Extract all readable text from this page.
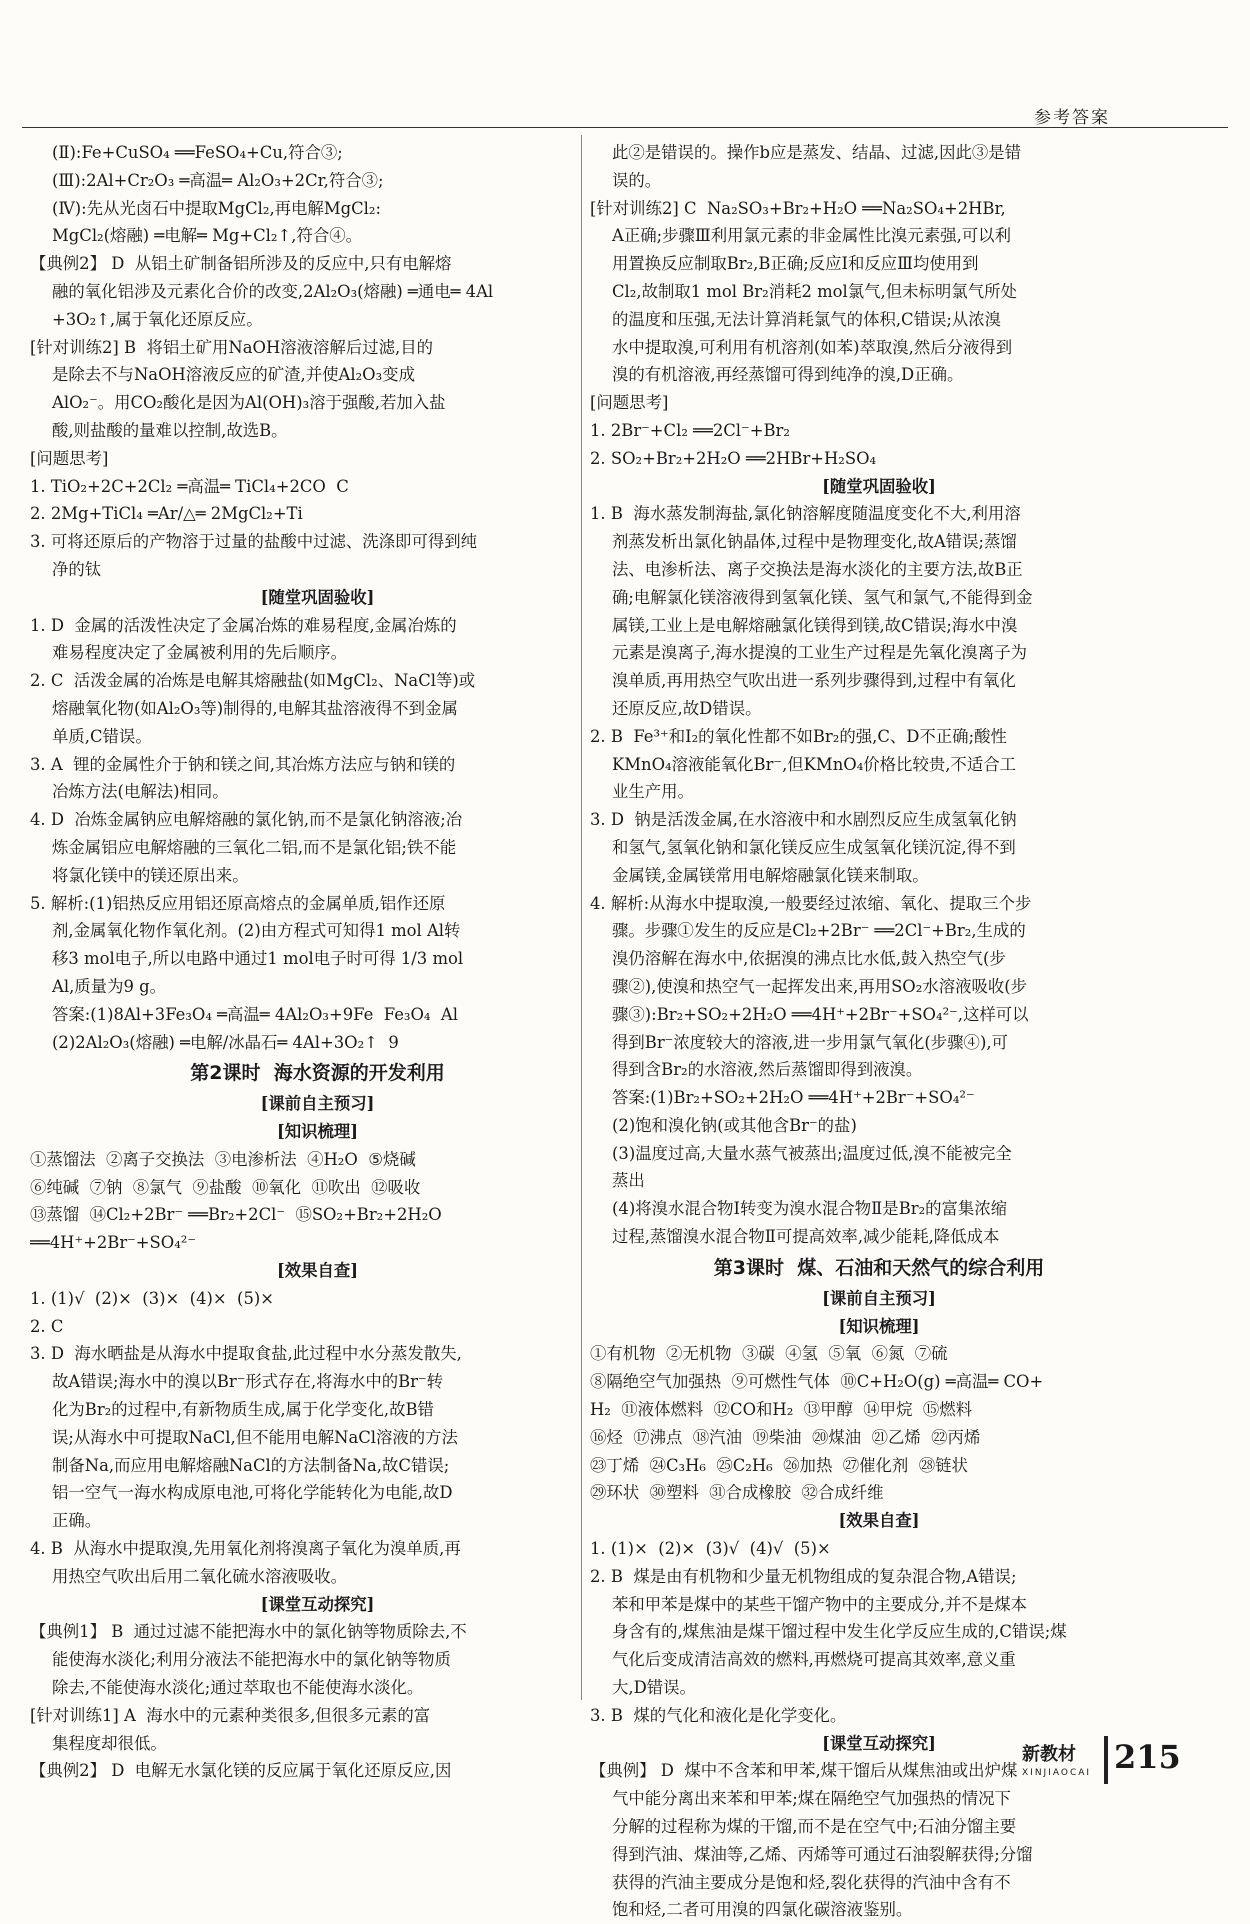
参考答案
(Ⅱ):Fe+CuSO₄ ══FeSO₄+Cu,符合③;
(Ⅲ):2Al+Cr₂O₃ ═高温═ Al₂O₃+2Cr,符合③;
(Ⅳ):先从光卤石中提取MgCl₂,再电解MgCl₂:
MgCl₂(熔融) ═电解═ Mg+Cl₂↑,符合④。
【典例2】 D  从铝土矿制备铝所涉及的反应中,只有电解熔
融的氧化铝涉及元素化合价的改变,2Al₂O₃(熔融) ═通电═ 4Al
+3O₂↑,属于氧化还原反应。
[针对训练2] B  将铝土矿用NaOH溶液溶解后过滤,目的
是除去不与NaOH溶液反应的矿渣,并使Al₂O₃变成
AlO₂⁻。用CO₂酸化是因为Al(OH)₃溶于强酸,若加入盐
酸,则盐酸的量难以控制,故选B。
[问题思考]
1. TiO₂+2C+2Cl₂ ═高温═ TiCl₄+2CO  C
2. 2Mg+TiCl₄ ═Ar/△═ 2MgCl₂+Ti
3. 可将还原后的产物溶于过量的盐酸中过滤、洗涤即可得到纯
净的钛
[随堂巩固验收]
1. D  金属的活泼性决定了金属冶炼的难易程度,金属冶炼的
难易程度决定了金属被利用的先后顺序。
2. C  活泼金属的冶炼是电解其熔融盐(如MgCl₂、NaCl等)或
熔融氧化物(如Al₂O₃等)制得的,电解其盐溶液得不到金属
单质,C错误。
3. A  锂的金属性介于钠和镁之间,其冶炼方法应与钠和镁的
冶炼方法(电解法)相同。
4. D  冶炼金属钠应电解熔融的氯化钠,而不是氯化钠溶液;冶
炼金属铝应电解熔融的三氧化二铝,而不是氯化铝;铁不能
将氯化镁中的镁还原出来。
5. 解析:(1)铝热反应用铝还原高熔点的金属单质,铝作还原
剂,金属氧化物作氧化剂。(2)由方程式可知得1 mol Al转
移3 mol电子,所以电路中通过1 mol电子时可得 1/3 mol
Al,质量为9 g。
答案:(1)8Al+3Fe₃O₄ ═高温═ 4Al₂O₃+9Fe  Fe₃O₄  Al
(2)2Al₂O₃(熔融) ═电解/冰晶石═ 4Al+3O₂↑  9
第2课时  海水资源的开发利用
[课前自主预习]
[知识梳理]
①蒸馏法  ②离子交换法  ③电渗析法  ④H₂O  ⑤烧碱
⑥纯碱  ⑦钠  ⑧氯气  ⑨盐酸  ⑩氧化  ⑪吹出  ⑫吸收
⑬蒸馏  ⑭Cl₂+2Br⁻ ══Br₂+2Cl⁻  ⑮SO₂+Br₂+2H₂O
══4H⁺+2Br⁻+SO₄²⁻
[效果自查]
1. (1)√  (2)×  (3)×  (4)×  (5)×
2. C
3. D  海水晒盐是从海水中提取食盐,此过程中水分蒸发散失,
故A错误;海水中的溴以Br⁻形式存在,将海水中的Br⁻转
化为Br₂的过程中,有新物质生成,属于化学变化,故B错
误;从海水中可提取NaCl,但不能用电解NaCl溶液的方法
制备Na,而应用电解熔融NaCl的方法制备Na,故C错误;
铝一空气一海水构成原电池,可将化学能转化为电能,故D
正确。
4. B  从海水中提取溴,先用氧化剂将溴离子氧化为溴单质,再
用热空气吹出后用二氧化硫水溶液吸收。
[课堂互动探究]
【典例1】 B  通过过滤不能把海水中的氯化钠等物质除去,不
能使海水淡化;利用分液法不能把海水中的氯化钠等物质
除去,不能使海水淡化;通过萃取也不能使海水淡化。
[针对训练1] A  海水中的元素种类很多,但很多元素的富
集程度却很低。
【典例2】 D  电解无水氯化镁的反应属于氧化还原反应,因
此②是错误的。操作b应是蒸发、结晶、过滤,因此③是错
误的。
[针对训练2] C  Na₂SO₃+Br₂+H₂O ══Na₂SO₄+2HBr,
A正确;步骤Ⅲ利用氯元素的非金属性比溴元素强,可以利
用置换反应制取Br₂,B正确;反应Ⅰ和反应Ⅲ均使用到
Cl₂,故制取1 mol Br₂消耗2 mol氯气,但未标明氯气所处
的温度和压强,无法计算消耗氯气的体积,C错误;从浓溴
水中提取溴,可利用有机溶剂(如苯)萃取溴,然后分液得到
溴的有机溶液,再经蒸馏可得到纯净的溴,D正确。
[问题思考]
1. 2Br⁻+Cl₂ ══2Cl⁻+Br₂
2. SO₂+Br₂+2H₂O ══2HBr+H₂SO₄
[随堂巩固验收]
1. B  海水蒸发制海盐,氯化钠溶解度随温度变化不大,利用溶
剂蒸发析出氯化钠晶体,过程中是物理变化,故A错误;蒸馏
法、电渗析法、离子交换法是海水淡化的主要方法,故B正
确;电解氯化镁溶液得到氢氧化镁、氢气和氯气,不能得到金
属镁,工业上是电解熔融氯化镁得到镁,故C错误;海水中溴
元素是溴离子,海水提溴的工业生产过程是先氧化溴离子为
溴单质,再用热空气吹出进一系列步骤得到,过程中有氧化
还原反应,故D错误。
2. B  Fe³⁺和I₂的氧化性都不如Br₂的强,C、D不正确;酸性
KMnO₄溶液能氧化Br⁻,但KMnO₄价格比较贵,不适合工
业生产用。
3. D  钠是活泼金属,在水溶液中和水剧烈反应生成氢氧化钠
和氢气,氢氧化钠和氯化镁反应生成氢氧化镁沉淀,得不到
金属镁,金属镁常用电解熔融氯化镁来制取。
4. 解析:从海水中提取溴,一般要经过浓缩、氧化、提取三个步
骤。步骤①发生的反应是Cl₂+2Br⁻ ══2Cl⁻+Br₂,生成的
溴仍溶解在海水中,依据溴的沸点比水低,鼓入热空气(步
骤②),使溴和热空气一起挥发出来,再用SO₂水溶液吸收(步
骤③):Br₂+SO₂+2H₂O ══4H⁺+2Br⁻+SO₄²⁻,这样可以
得到Br⁻浓度较大的溶液,进一步用氯气氧化(步骤④),可
得到含Br₂的水溶液,然后蒸馏即得到液溴。
答案:(1)Br₂+SO₂+2H₂O ══4H⁺+2Br⁻+SO₄²⁻
(2)饱和溴化钠(或其他含Br⁻的盐)
(3)温度过高,大量水蒸气被蒸出;温度过低,溴不能被完全
蒸出
(4)将溴水混合物Ⅰ转变为溴水混合物Ⅱ是Br₂的富集浓缩
过程,蒸馏溴水混合物Ⅱ可提高效率,减少能耗,降低成本
第3课时  煤、石油和天然气的综合利用
[课前自主预习]
[知识梳理]
①有机物  ②无机物  ③碳  ④氢  ⑤氧  ⑥氮  ⑦硫
⑧隔绝空气加强热  ⑨可燃性气体  ⑩C+H₂O(g) ═高温═ CO+
H₂  ⑪液体燃料  ⑫CO和H₂  ⑬甲醇  ⑭甲烷  ⑮燃料
⑯烃  ⑰沸点  ⑱汽油  ⑲柴油  ⑳煤油  ㉑乙烯  ㉒丙烯
㉓丁烯  ㉔C₃H₆  ㉕C₂H₆  ㉖加热  ㉗催化剂  ㉘链状
㉙环状  ㉚塑料  ㉛合成橡胶  ㉜合成纤维
[效果自查]
1. (1)×  (2)×  (3)√  (4)√  (5)×
2. B  煤是由有机物和少量无机物组成的复杂混合物,A错误;
苯和甲苯是煤中的某些干馏产物中的主要成分,并不是煤本
身含有的,煤焦油是煤干馏过程中发生化学反应生成的,C错误;煤
气化后变成清洁高效的燃料,再燃烧可提高其效率,意义重
大,D错误。
3. B  煤的气化和液化是化学变化。
[课堂互动探究]
【典例】 D  煤中不含苯和甲苯,煤干馏后从煤焦油或出炉煤
气中能分离出来苯和甲苯;煤在隔绝空气加强热的情况下
分解的过程称为煤的干馏,而不是在空气中;石油分馏主要
得到汽油、煤油等,乙烯、丙烯等可通过石油裂解获得;分馏
获得的汽油主要成分是饱和烃,裂化获得的汽油中含有不
饱和烃,二者可用溴的四氯化碳溶液鉴别。
新教材
XINJIAOCAI 215
